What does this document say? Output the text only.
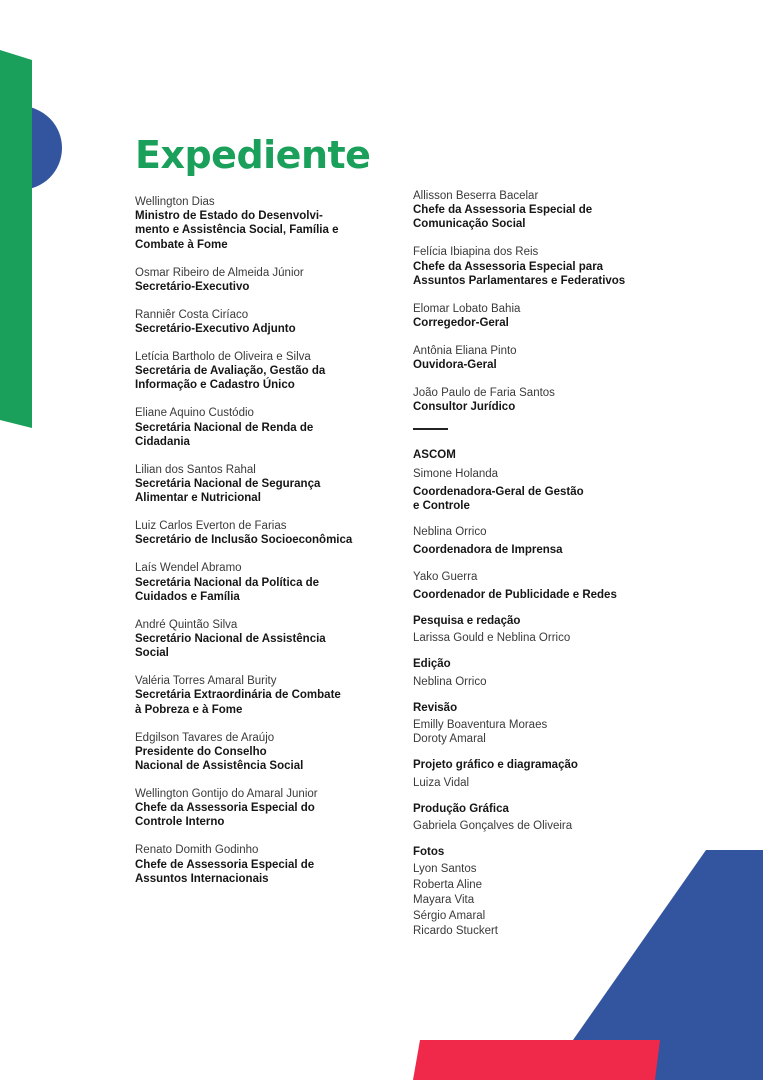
Expediente
Wellington Dias
Ministro de Estado do Desenvolvi-
mento e Assistência Social, Família e
Combate à Fome
Osmar Ribeiro de Almeida Júnior
Secretário-Executivo
Ranniêr Costa Ciríaco
Secretário-Executivo Adjunto
Letícia Bartholo de Oliveira e Silva
Secretária de Avaliação, Gestão da
Informação e Cadastro Único
Eliane Aquino Custódio
Secretária Nacional de Renda de
Cidadania
Lilian dos Santos Rahal
Secretária Nacional de Segurança
Alimentar e Nutricional
Luiz Carlos Everton de Farias
Secretário de Inclusão Socioeconômica
Laís Wendel Abramo
Secretária Nacional da Política de
Cuidados e Família
André Quintão Silva
Secretário Nacional de Assistência
Social
Valéria Torres Amaral Burity
Secretária Extraordinária de Combate
à Pobreza e à Fome
Edgilson Tavares de Araújo
Presidente do Conselho
Nacional de Assistência Social
Wellington Gontijo do Amaral Junior
Chefe da Assessoria Especial do
Controle Interno
Renato Domith Godinho
Chefe de Assessoria Especial de
Assuntos Internacionais
Allisson Beserra Bacelar
Chefe da Assessoria Especial de
Comunicação Social
Felícia Ibiapina dos Reis
Chefe da Assessoria Especial para
Assuntos Parlamentares e Federativos
Elomar Lobato Bahia
Corregedor-Geral
Antônia Eliana Pinto
Ouvidora-Geral
João Paulo de Faria Santos
Consultor Jurídico
ASCOM
Simone Holanda
Coordenadora-Geral de Gestão
e Controle
Neblina Orrico
Coordenadora de Imprensa
Yako Guerra
Coordenador de Publicidade e Redes
Pesquisa e redação
Larissa Gould e Neblina Orrico
Edição
Neblina Orrico
Revisão
Emilly Boaventura Moraes
Doroty Amaral
Projeto gráfico e diagramação
Luiza Vidal
Produção Gráfica
Gabriela Gonçalves de Oliveira
Fotos
Lyon Santos
Roberta Aline
Mayara Vita
Sérgio Amaral
Ricardo Stuckert
